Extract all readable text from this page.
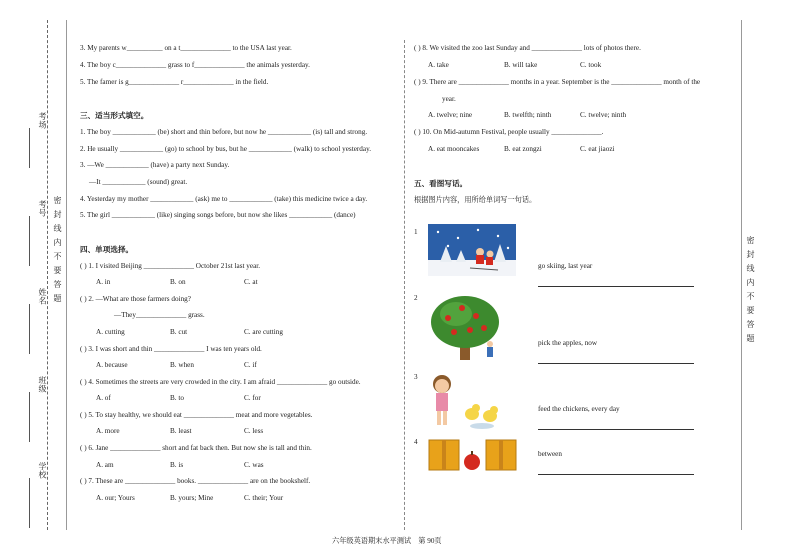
考场
考号
姓名
班级
学校
密封线内不要答题	密封线内不要答题
3. My parents w__________ on a t______________ to the USA last year.
4. The boy c______________ grass to f______________ the animals yesterday.
5. The famer is g______________ r______________ in the field.
三、适当形式填空。
1. The boy ____________ (be) short and thin before, but now he ____________ (is) tall and strong.
2. He usually ____________ (go) to school by bus, but he ____________ (walk) to school yesterday.
3. —We ____________ (have) a party next Sunday.
—It ____________ (sound) great.
4. Yesterday my mother ____________ (ask) me to ____________ (take) this medicine twice a day.
5. The girl ____________ (like) singing songs before, but now she likes ____________ (dance)
四、单项选择。
( ) 1. I visited Beijing ______________ October 21st last year.
A. in	B. on	C. at
( ) 2. —What are those farmers doing?
—They______________ grass.
A. cutting	B. cut	C. are cutting
( ) 3. I was short and thin ______________ I was ten years old.
A. because	B. when	C. if
( ) 4. Sometimes the streets are very crowded in the city. I am afraid ______________ go outside.
A. of	B. to	C. for
( ) 5. To stay healthy, we should eat ______________ meat and more vegetables.
A. more	B. least	C. less
( ) 6. Jane ______________ short and fat back then. But now she is tall and thin.
A. am	B. is	C. was
( ) 7. These are ______________ books. ______________ are on the bookshelf.
A. our; Yours	B. yours; Mine	C. their; Your
( ) 8. We visited the zoo last Sunday and ______________ lots of photos there.
A. take	B. will take	C. took
( ) 9. There are ______________ months in a year. September is the ______________ month of the
year.
A. twelve; nine	B. twelfth; ninth	C. twelve; ninth
( ) 10. On Mid-autumn Festival, people usually ______________.
A. eat mooncakes	B. eat zongzi	C. eat jiaozi
五、看图写话。
根据图片内容，用所给单词写一句话。
1
go skiing, last year
2
pick the apples, now
3
feed the chickens, every day
4
between
六年级英语期末水平测试　第 90页
